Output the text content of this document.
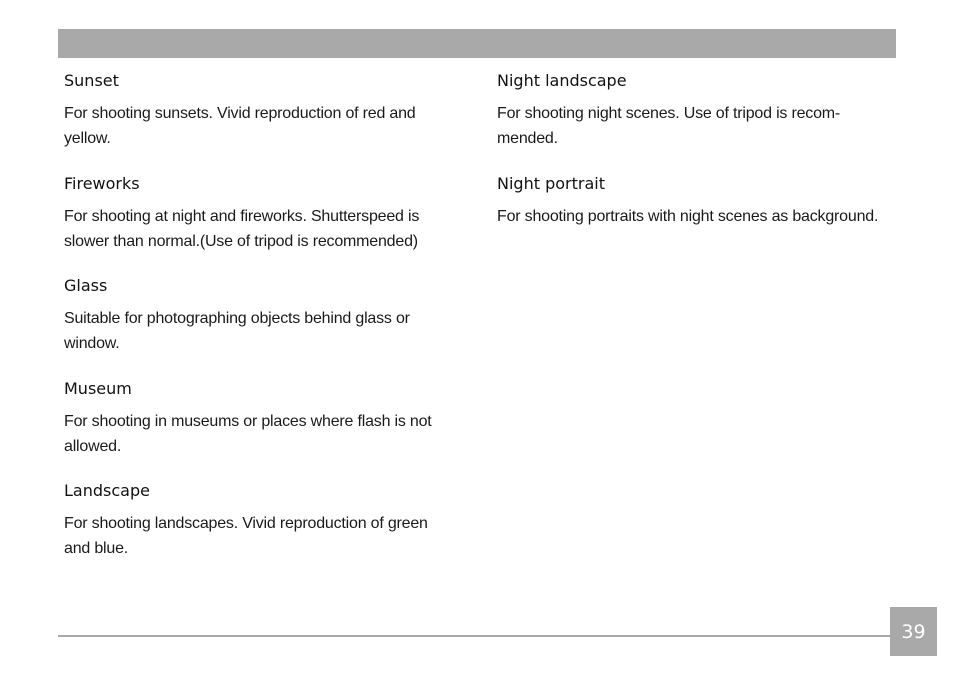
Sunset

For shooting sunsets. Vivid reproduction of red and yellow.

Fireworks

For shooting at night and fireworks. Shutterspeed is slower than normal.(Use of tripod is recommended)

Glass

Suitable for photographing objects behind glass or window.

Museum

For shooting in museums or places where flash is not allowed.

Landscape

For shooting landscapes. Vivid reproduction of green and blue.

Night landscape

For shooting night scenes. Use of tripod is recom-mended.

Night portrait

For shooting portraits with night scenes as background.

39
